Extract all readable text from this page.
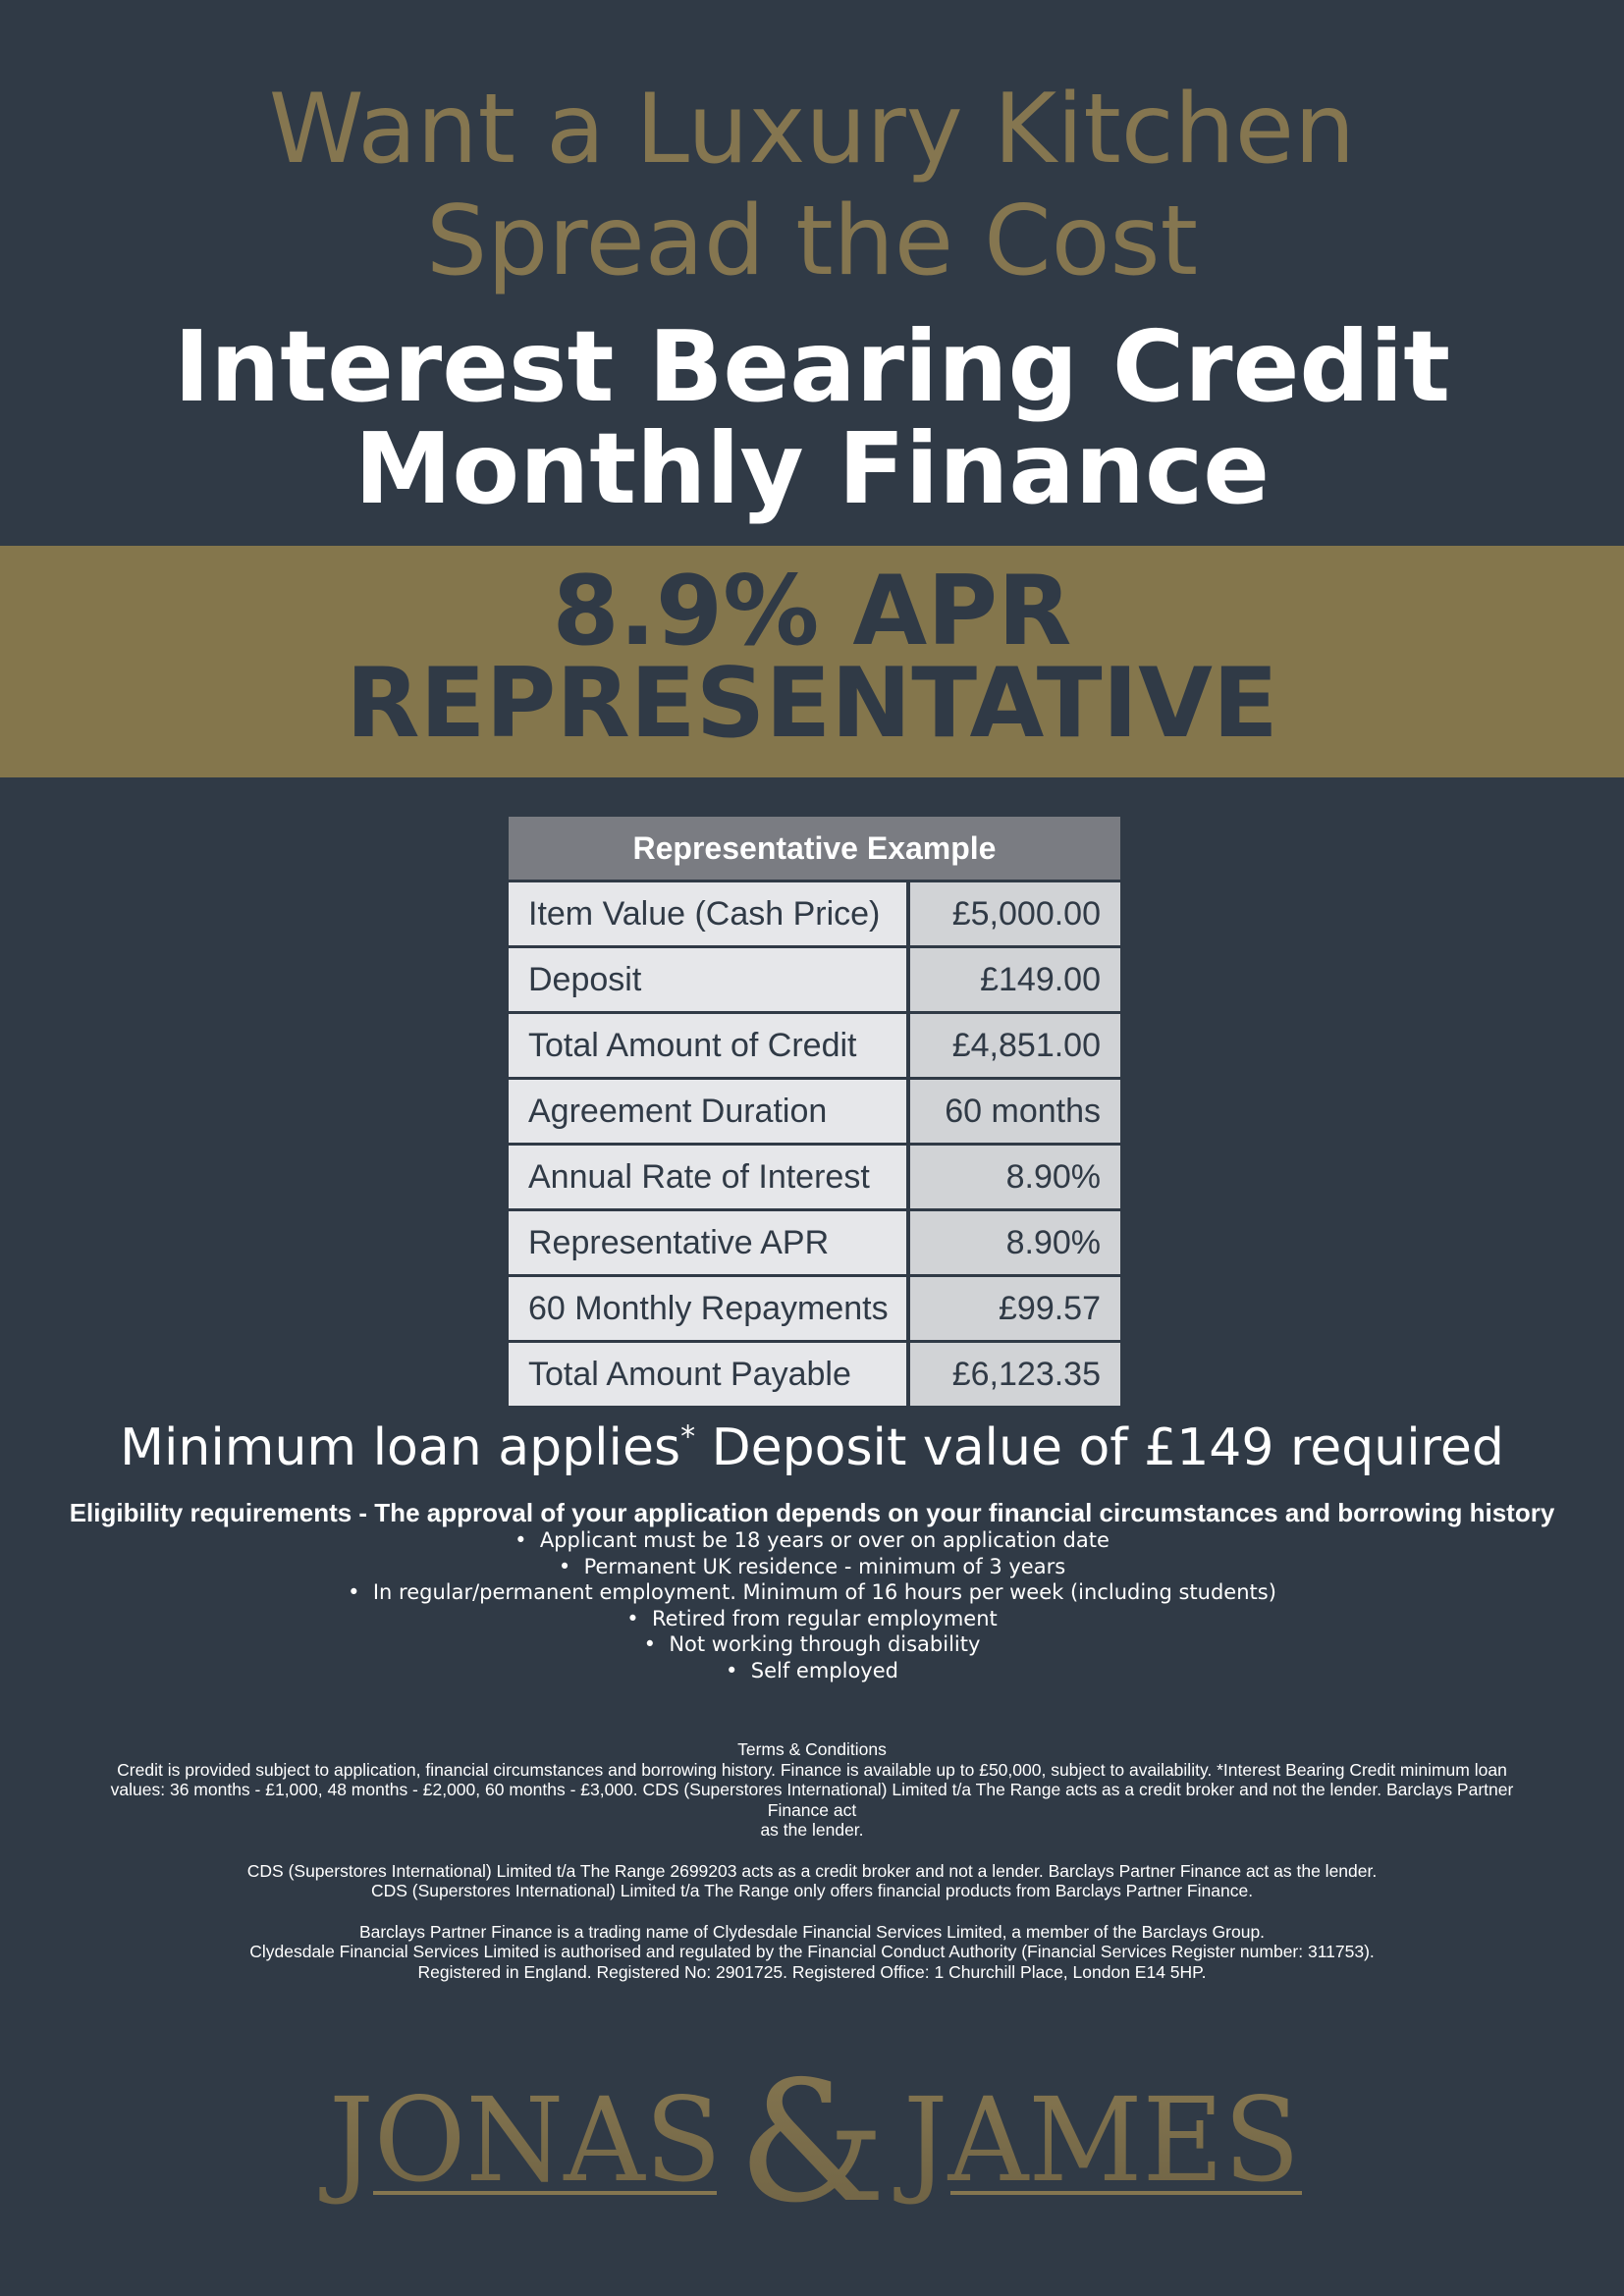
Want a Luxury Kitchen
Spread the Cost
Interest Bearing Credit
Monthly Finance
8.9% APR
REPRESENTATIVE
Representative Example
Item Value (Cash Price)	£5,000.00
Deposit	£149.00
Total Amount of Credit	£4,851.00
Agreement Duration	60 months
Annual Rate of Interest	8.90%
Representative APR	8.90%
60 Monthly Repayments	£99.57
Total Amount Payable	£6,123.35
Minimum loan applies* Deposit value of £149 required
Eligibility requirements - The approval of your application depends on your financial circumstances and borrowing history
•  Applicant must be 18 years or over on application date
•  Permanent UK residence - minimum of 3 years
•  In regular/permanent employment. Minimum of 16 hours per week (including students)
•  Retired from regular employment
•  Not working through disability
•  Self employed
Terms & Conditions

Credit is provided subject to application, financial circumstances and borrowing history. Finance is available up to £50,000, subject to availability. *Interest Bearing Credit minimum loan values: 36 months - £1,000, 48 months - £2,000, 60 months - £3,000. CDS (Superstores International) Limited t/a The Range acts as a credit broker and not the lender. Barclays Partner Finance act
as the lender.

CDS (Superstores International) Limited t/a The Range 2699203 acts as a credit broker and not a lender. Barclays Partner Finance act as the lender.
CDS (Superstores International) Limited t/a The Range only offers financial products from Barclays Partner Finance.

Barclays Partner Finance is a trading name of Clydesdale Financial Services Limited, a member of the Barclays Group.
Clydesdale Financial Services Limited is authorised and regulated by the Financial Conduct Authority (Financial Services Register number: 311753).
Registered in England. Registered No: 2901725. Registered Office: 1 Churchill Place, London E14 5HP.

JONAS & JAMES
